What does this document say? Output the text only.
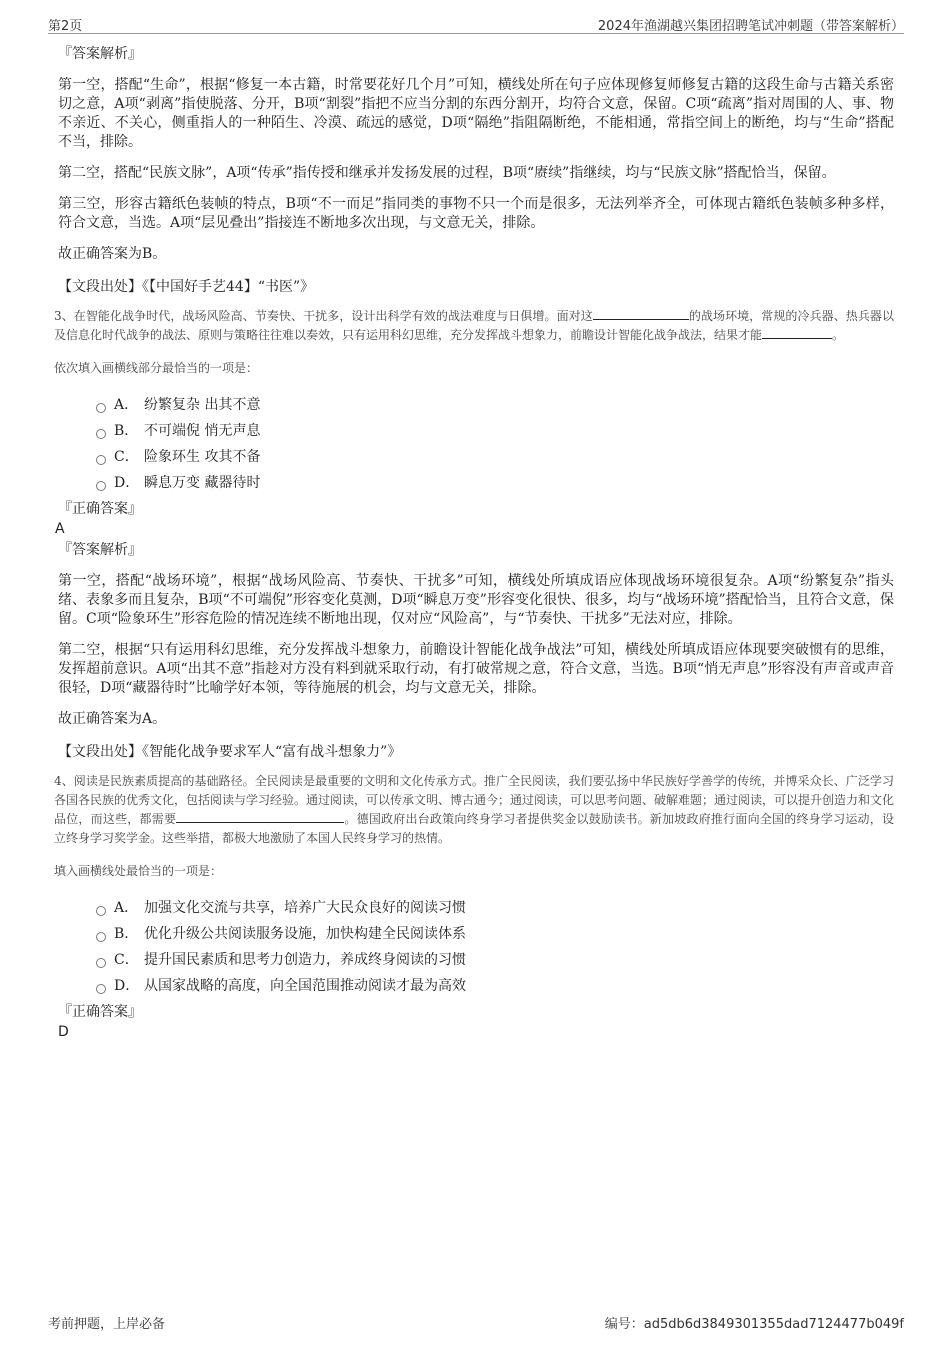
第2页	2024年渔湖越兴集团招聘笔试冲刺题（带答案解析）
『答案解析』

第一空，搭配“生命”，根据“修复一本古籍，时常要花好几个月”可知，横线处所在句子应体现修复师修复古籍的这段生命与古籍关系密切之意，A项“剥离”指使脱落、分开，B项“割裂”指把不应当分割的东西分割开，均符合文意，保留。C项“疏离”指对周围的人、事、物不亲近、不关心，侧重指人的一种陌生、冷漠、疏远的感觉，D项“隔绝”指阻隔断绝，不能相通，常指空间上的断绝，均与“生命”搭配不当，排除。

第二空，搭配“民族文脉”，A项“传承”指传授和继承并发扬发展的过程，B项“赓续”指继续，均与“民族文脉”搭配恰当，保留。

第三空，形容古籍纸色装帧的特点，B项“不一而足”指同类的事物不只一个而是很多，无法列举齐全，可体现古籍纸色装帧多种多样，符合文意，当选。A项“层见叠出”指接连不断地多次出现，与文意无关，排除。

故正确答案为B。

【文段出处】《【中国好手艺44】“书医”》

3、在智能化战争时代，战场风险高、节奏快、干扰多，设计出科学有效的战法难度与日俱增。面对这	的战场环境，常规的冷兵器、热兵器以及信息化时代战争的战法、原则与策略往往难以奏效，只有运用科幻思维，充分发挥战斗想象力，前瞻设计智能化战争战法，结果才能	。

依次填入画横线部分最恰当的一项是：

A． 纷繁复杂 出其不意
B． 不可端倪 悄无声息
C． 险象环生 攻其不备
D． 瞬息万变 藏器待时
『正确答案』
A
『答案解析』

第一空，搭配“战场环境”，根据“战场风险高、节奏快、干扰多”可知，横线处所填成语应体现战场环境很复杂。A项“纷繁复杂”指头绪、表象多而且复杂，B项“不可端倪”形容变化莫测，D项“瞬息万变”形容变化很快、很多，均与“战场环境”搭配恰当，且符合文意，保留。C项“险象环生”形容危险的情况连续不断地出现，仅对应“风险高”，与“节奏快、干扰多”无法对应，排除。

第二空，根据“只有运用科幻思维，充分发挥战斗想象力，前瞻设计智能化战争战法”可知，横线处所填成语应体现要突破惯有的思维，发挥超前意识。A项“出其不意”指趁对方没有料到就采取行动，有打破常规之意，符合文意，当选。B项“悄无声息”形容没有声音或声音很轻，D项“藏器待时”比喻学好本领，等待施展的机会，均与文意无关，排除。

故正确答案为A。

【文段出处】《智能化战争要求军人“富有战斗想象力”》

4、阅读是民族素质提高的基础路径。全民阅读是最重要的文明和文化传承方式。推广全民阅读，我们要弘扬中华民族好学善学的传统，并博采众长、广泛学习各国各民族的优秀文化，包括阅读与学习经验。通过阅读，可以传承文明、博古通今；通过阅读，可以思考问题、破解难题；通过阅读，可以提升创造力和文化品位，而这些，都需要	。德国政府出台政策向终身学习者提供奖金以鼓励读书。新加坡政府推行面向全国的终身学习运动，设立终身学习奖学金。这些举措，都极大地激励了本国人民终身学习的热情。

填入画横线处最恰当的一项是：

A． 加强文化交流与共享，培养广大民众良好的阅读习惯
B． 优化升级公共阅读服务设施，加快构建全民阅读体系
C． 提升国民素质和思考力创造力，养成终身阅读的习惯
D． 从国家战略的高度，向全国范围推动阅读才最为高效
『正确答案』
D
考前押题，上岸必备	编号：ad5db6d3849301355dad7124477b049f
